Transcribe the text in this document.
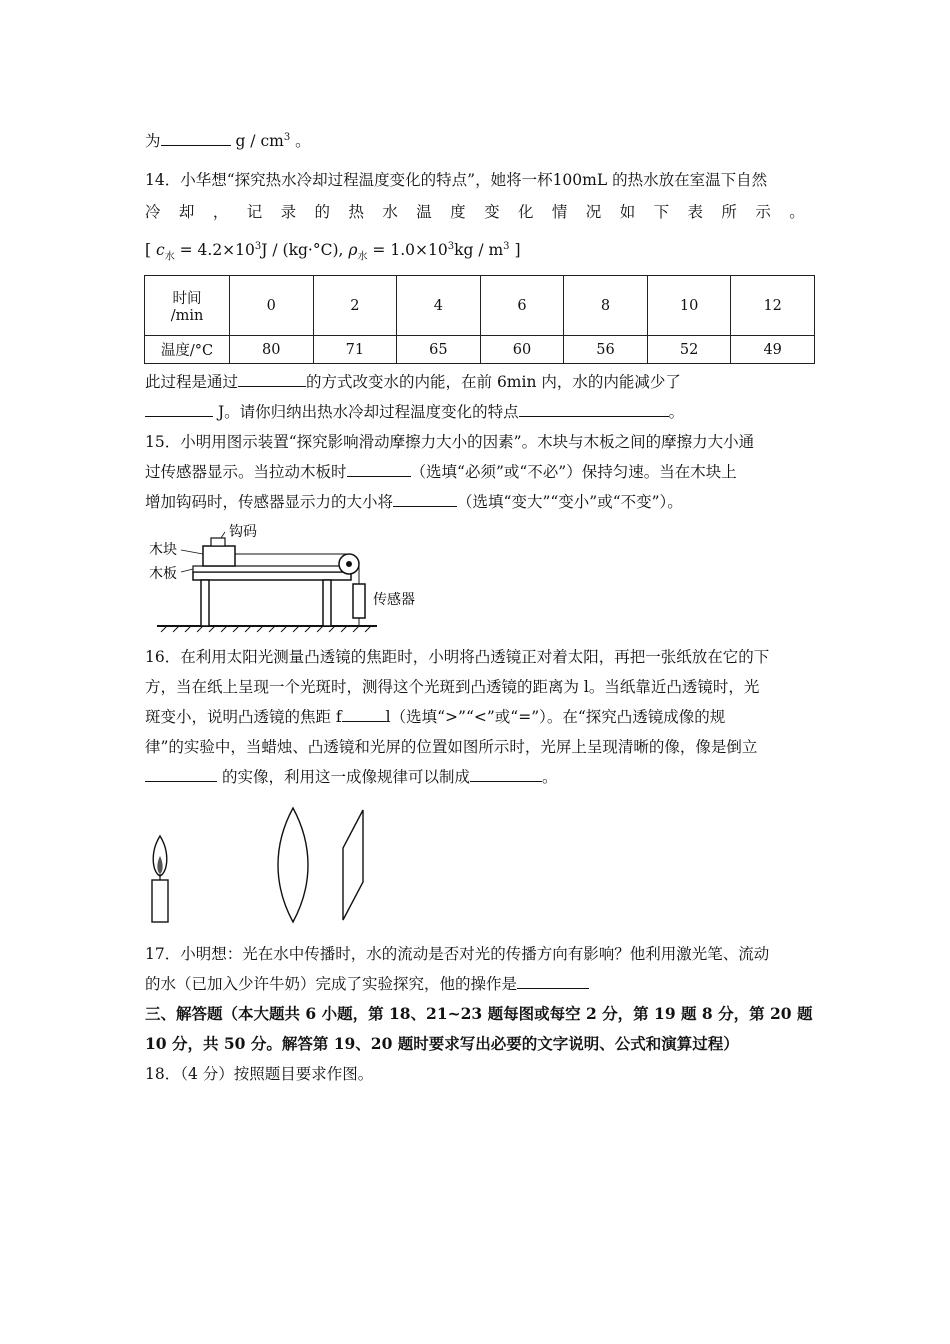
为	g / $cm^3$ 。
14．小华想“探究热水冷却过程温度变化的特点”，她将一杯100mL 的热水放在室温下自然
冷 却 ， 记 录 的 热 水 温 度 变 化 情 况 如 下 表 所 示 。
[ $c_水 = 4.2\times 10^3J / (kg\cdot^\circ C)$, $\rho_水 = 1.0\times 10^3kg / m^3$ ]
时间
/min	0	2	4	6	8	10	12
温度/°C	80	71	65	60	56	52	49
此过程是通过	的方式改变水的内能，在前 6min 内，水的内能减少了
J。请你归纳出热水冷却过程温度变化的特点	。
15．小明用图示装置“探究影响滑动摩擦力大小的因素”。木块与木板之间的摩擦力大小通
过传感器显示。当拉动木板时	（选填“必须”或“不必”）保持匀速。当在木块上
增加钩码时，传感器显示力的大小将	（选填“变大”“变小”或“不变”）。
钩码
木块
木板
传感器
16．在利用太阳光测量凸透镜的焦距时，小明将凸透镜正对着太阳，再把一张纸放在它的下
方，当在纸上呈现一个光斑时，测得这个光斑到凸透镜的距离为 l。当纸靠近凸透镜时，光
斑变小，说明凸透镜的焦距 f	l（选填“>”“<”或“=”）。在“探究凸透镜成像的规
律”的实验中，当蜡烛、凸透镜和光屏的位置如图所示时，光屏上呈现清晰的像，像是倒立
的实像，利用这一成像规律可以制成	。
17．小明想：光在水中传播时，水的流动是否对光的传播方向有影响？他利用激光笔、流动
的水（已加入少许牛奶）完成了实验探究，他的操作是
三、解答题（本大题共 6 小题，第 18、21~23 题每图或每空 2 分，第 19 题 8 分，第 20 题
10 分，共 50 分。解答第 19、20 题时要求写出必要的文字说明、公式和演算过程）
18．（4 分）按照题目要求作图。
